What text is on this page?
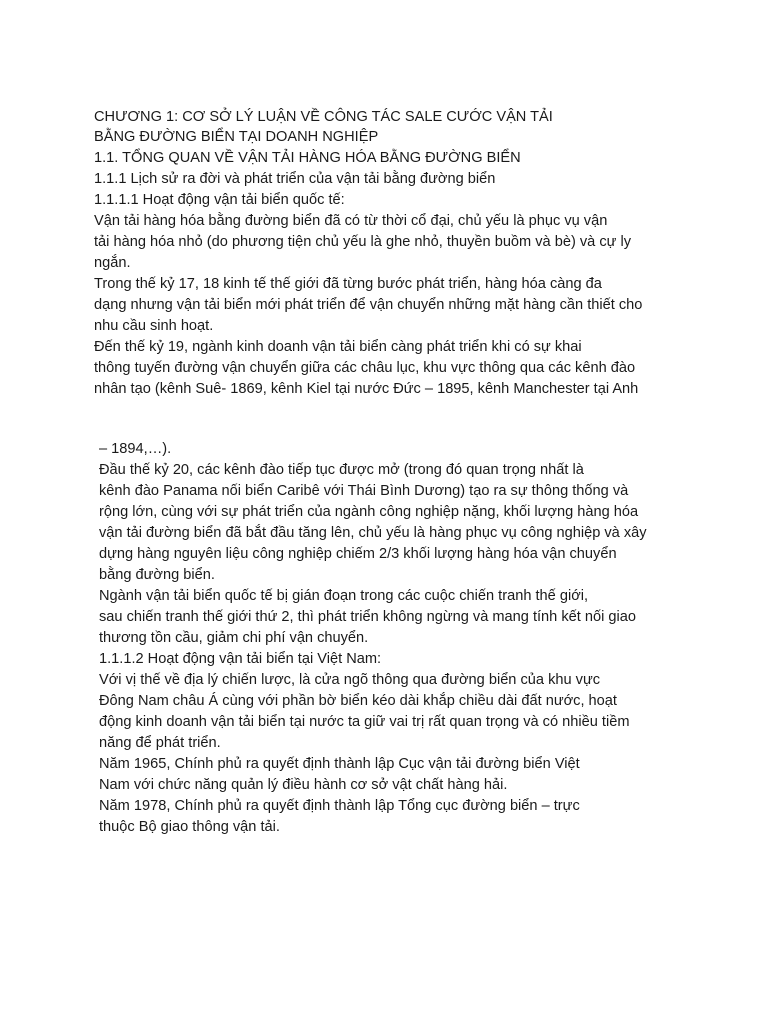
CHƯƠNG 1: CƠ SỞ LÝ LUẬN VỀ CÔNG TÁC SALE CƯỚC VẬN TẢI

BẰNG ĐƯỜNG BIỂN TẠI DOANH NGHIỆP

1.1. TỔNG QUAN VỀ VẬN TẢI HÀNG HÓA BẰNG ĐƯỜNG BIỂN

1.1.1 Lịch sử ra đời và phát triển của vận tải bằng đường biển

1.1.1.1 Hoạt động vận tải biển quốc tế:

Vận tải hàng hóa bằng đường biển đã có từ thời cổ đại, chủ yếu là phục vụ vận

tải hàng hóa nhỏ (do phương tiện chủ yếu là ghe nhỏ, thuyền buồm và bè) và cự ly

ngắn.

Trong thế kỷ 17, 18 kinh tế thế giới đã từng bước phát triển, hàng hóa càng đa

dạng nhưng vận tải biển mới phát triển để vận chuyển những mặt hàng cần thiết cho

nhu cầu sinh hoạt.

Đến thế kỷ 19, ngành kinh doanh vận tải biển càng phát triển khi có sự khai

thông tuyến đường vận chuyển giữa các châu lục, khu vực thông qua các kênh đào

nhân tạo (kênh Suê- 1869, kênh Kiel tại nước Đức – 1895, kênh Manchester tại Anh

– 1894,…).

Đầu thế kỷ 20, các kênh đào tiếp tục được mở (trong đó quan trọng nhất là

kênh đào Panama nối biển Caribê với Thái Bình Dương) tạo ra sự thông thống và

rộng lớn, cùng với sự phát triển của ngành công nghiệp nặng, khối lượng hàng hóa

vận tải đường biển đã bắt đầu tăng lên, chủ yếu là hàng phục vụ công nghiệp và xây

dựng hàng nguyên liệu công nghiệp chiếm 2/3 khối lượng hàng hóa vận chuyển

bằng đường biển.

Ngành vận tải biển quốc tế bị gián đoạn trong các cuộc chiến tranh thế giới,

sau chiến tranh thế giới thứ 2, thì phát triển không ngừng và mang tính kết nối giao

thương tồn cầu, giảm chi phí vận chuyển.

1.1.1.2 Hoạt động vận tải biển tại Việt Nam:

Với vị thế về địa lý chiến lược, là cửa ngõ thông qua đường biển của khu vực

Đông Nam châu Á cùng với phần bờ biển kéo dài khắp chiều dài đất nước, hoạt

động kinh doanh vận tải biển tại nước ta giữ vai trị rất quan trọng và có nhiều tiềm

năng để phát triển.

Năm 1965, Chính phủ ra quyết định thành lập Cục vận tải đường biển Việt

Nam với chức năng quản lý điều hành cơ sở vật chất hàng hải.

Năm 1978, Chính phủ ra quyết định thành lập Tổng cục đường biển – trực

thuộc Bộ giao thông vận tải.
